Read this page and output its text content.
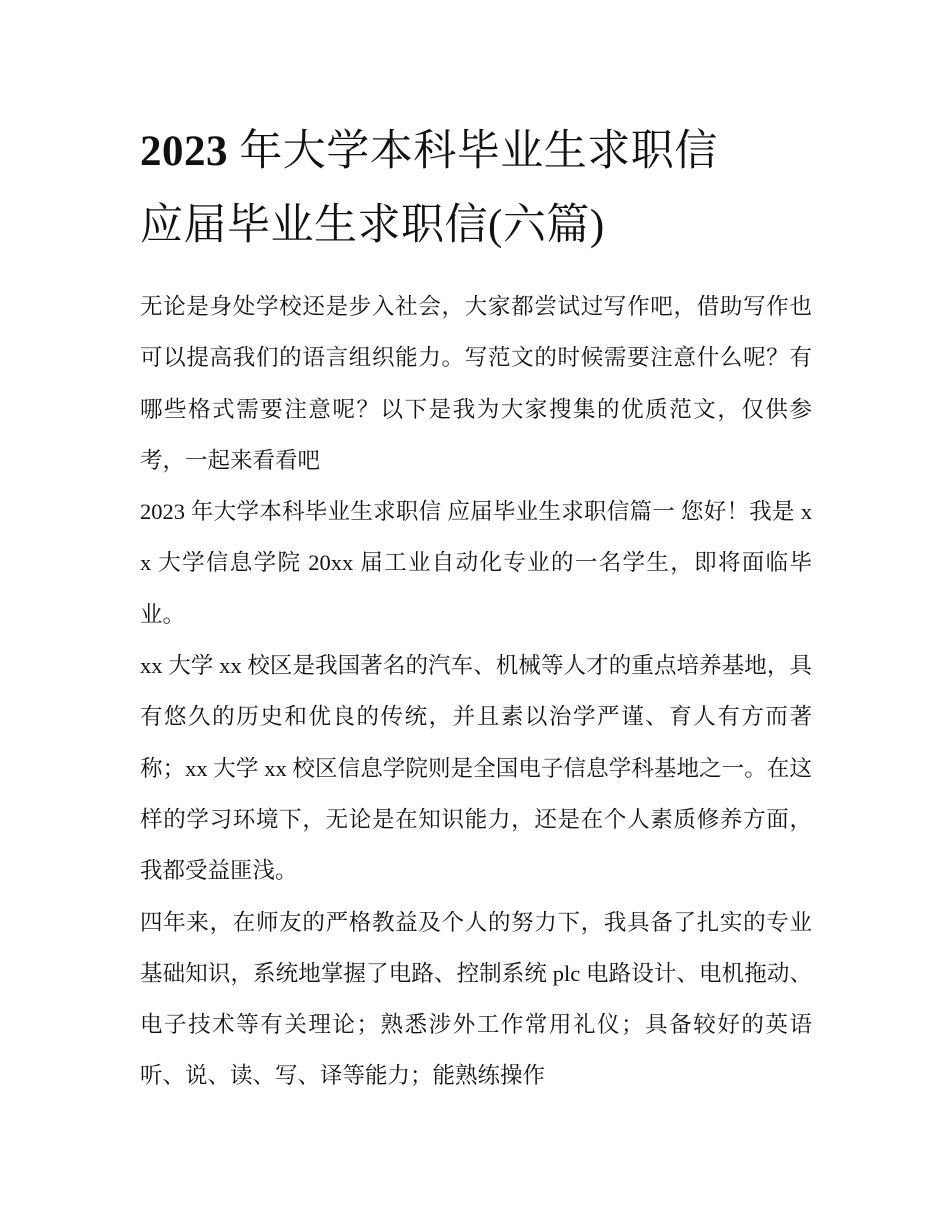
2023 年大学本科毕业生求职信
应届毕业生求职信(六篇)

无论是身处学校还是步入社会，大家都尝试过写作吧，借助写作也可以提高我们的语言组织能力。写范文的时候需要注意什么呢？有哪些格式需要注意呢？以下是我为大家搜集的优质范文，仅供参考，一起来看看吧

2023 年大学本科毕业生求职信 应届毕业生求职信篇一 您好！我是 xx 大学信息学院 20xx 届工业自动化专业的一名学生，即将面临毕业。

xx 大学 xx 校区是我国著名的汽车、机械等人才的重点培养基地，具有悠久的历史和优良的传统，并且素以治学严谨、育人有方而著称；xx 大学 xx 校区信息学院则是全国电子信息学科基地之一。在这样的学习环境下，无论是在知识能力，还是在个人素质修养方面，我都受益匪浅。

四年来，在师友的严格教益及个人的努力下，我具备了扎实的专业基础知识，系统地掌握了电路、控制系统 plc 电路设计、电机拖动、电子技术等有关理论；熟悉涉外工作常用礼仪；具备较好的英语听、说、读、写、译等能力；能熟练操作
